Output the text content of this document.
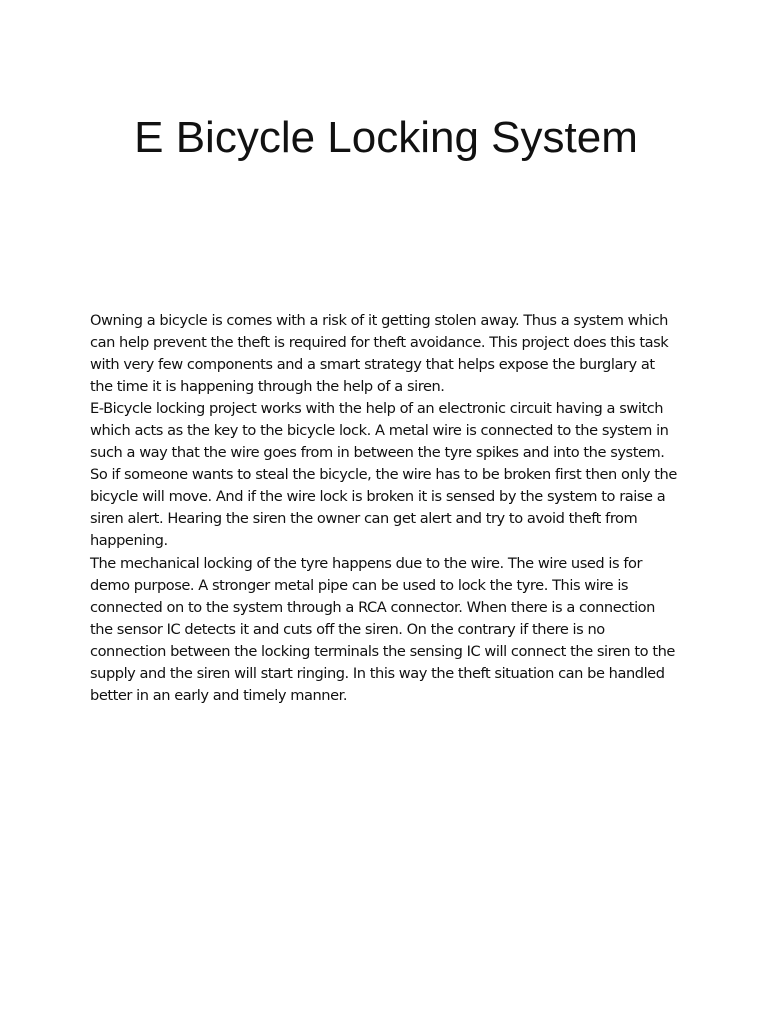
E Bicycle Locking System

Owning a bicycle is comes with a risk of it getting stolen away. Thus a system which can help prevent the theft is required for theft avoidance. This project does this task with very few components and a smart strategy that helps expose the burglary at the time it is happening through the help of a siren.

E-Bicycle locking project works with the help of an electronic circuit having a switch which acts as the key to the bicycle lock. A metal wire is connected to the system in such a way that the wire goes from in between the tyre spikes and into the system. So if someone wants to steal the bicycle, the wire has to be broken first then only the bicycle will move. And if the wire lock is broken it is sensed by the system to raise a siren alert. Hearing the siren the owner can get alert and try to avoid theft from happening.

The mechanical locking of the tyre happens due to the wire. The wire used is for demo purpose. A stronger metal pipe can be used to lock the tyre. This wire is connected on to the system through a RCA connector. When there is a connection the sensor IC detects it and cuts off the siren. On the contrary if there is no connection between the locking terminals the sensing IC will connect the siren to the supply and the siren will start ringing. In this way the theft situation can be handled better in an early and timely manner.
